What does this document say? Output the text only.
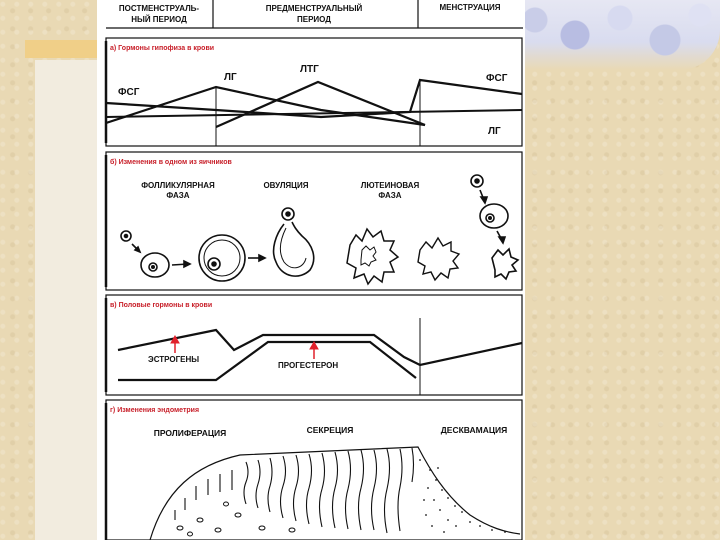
ПОСТМЕНСТРУАЛЬ-
НЫЙ ПЕРИОД
ПРЕДМЕНСТРУАЛЬНЫЙ
ПЕРИОД
МЕНСТРУАЦИЯ
а) Гормоны гипофиза в крови
ФСГ
ЛГ
ЛТГ
ФСГ
ЛГ
б) Изменения в одном из яичников
ФОЛЛИКУЛЯРНАЯ
ФАЗА
ОВУЛЯЦИЯ	ЛЮТЕИНОВАЯ
ФАЗА
в) Половые гормоны в крови
ЭСТРОГЕНЫ
ПРОГЕСТЕРОН
г) Изменения эндометрия
ПРОЛИФЕРАЦИЯ	СЕКРЕЦИЯ	ДЕСКВАМАЦИЯ
